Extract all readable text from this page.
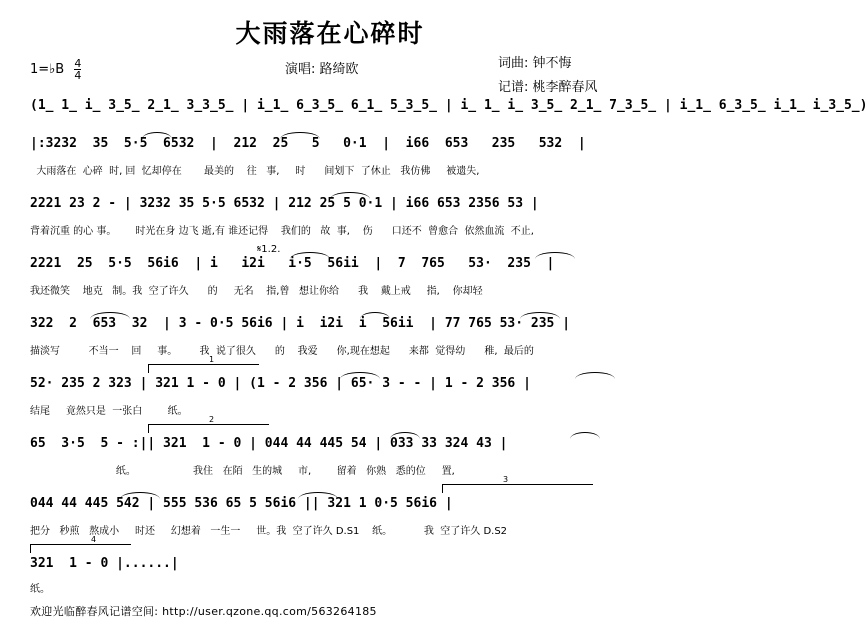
大雨落在心碎时
1=♭B $\frac{4}{4}$	演唱: 路绮欧	词曲: 钟不悔
记谱: 桃李醉春风
(1̲ 1̲ i̲ 3̲5̲ 2̲1̲ 3̲3̲5̲ | i̲1̲ 6̲3̲5̲ 6̲1̲ 5̲3̲5̲ | i̲ 1̲ i̲ 3̲5̲ 2̲1̲ 7̲3̲5̲ | i̲1̲ 6̲3̲5̲ i̲1̲ i̲3̲5̲)
|:3232  35  5·5  6532  |  212  25   5   0·1  |  i66  653   235   532  |
大雨落在  心碎  时, 回  忆却停在       最美的    往   事,     时      间划下  了休止   我仿佛     被遗失,
2221 23 2 - | 3232 35 5·5 6532 | 212 25 5 0·1 | i66 653 2356 53 |
背着沉重 的心 事。      时光在身 边飞 逝,有 谁还记得    我们的   故  事,    伤      口还不  曾愈合  依然血流  不止,
𝄋1.2.
2221  25  5·5  56i6  | i   i2i   i·5  56ii  |  7  765   53·  235  |
我还微笑    地克   制。我  空了许久      的     无名    指,曾   想让你给      我    戴上戒     指,    你却轻
322  2  653  32  | 3 - 0·5 56i6 | i  i2i  i  56ii  | 77 765 53· 235 |
描淡写         不当一    回     事。       我  说了很久      的    我爱      你,现在想起      来都  觉得幼      稚,  最后的
1
52· 235 2 323 | 321 1 - 0 | (1 - 2 356 | 65· 3 - - | 1 - 2 356 |
结尾     竟然只是  一张白        纸。
2
65  3·5  5 - :|| 321  1 - 0 | 044 44 445 54 | 033 33 324 43 |
纸。                  我住   在陌   生的城     市,        留着   你熟   悉的位     置,
3
044 44 445 542 | 555 536 65 5 56i6 || 321 1 0·5 56i6 |
把分   秒煎   熬成小     时还     幻想着   一生一     世。我  空了许久 D.S1    纸。          我  空了许久 D.S2
4
321  1 - 0 |......|
纸。
欢迎光临醉春风记谱空间: http://user.qzone.qq.com/563264185
